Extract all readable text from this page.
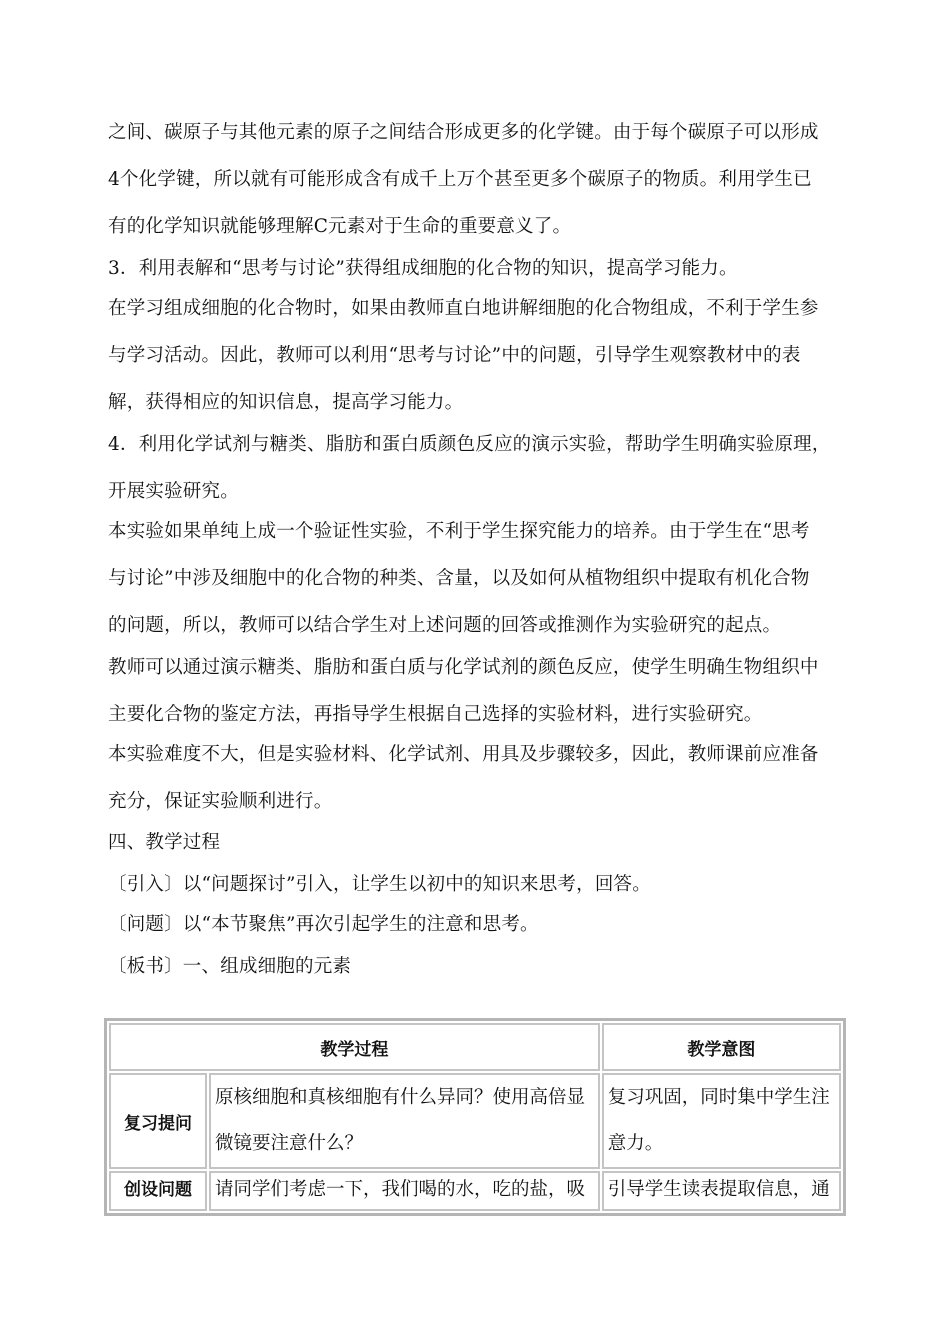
之间、碳原子与其他元素的原子之间结合形成更多的化学键。由于每个碳原子可以形成
4个化学键，所以就有可能形成含有成千上万个甚至更多个碳原子的物质。利用学生已
有的化学知识就能够理解C元素对于生命的重要意义了。
3．利用表解和“思考与讨论”获得组成细胞的化合物的知识，提高学习能力。
在学习组成细胞的化合物时，如果由教师直白地讲解细胞的化合物组成，不利于学生参
与学习活动。因此，教师可以利用“思考与讨论”中的问题，引导学生观察教材中的表
解，获得相应的知识信息，提高学习能力。
4．利用化学试剂与糖类、脂肪和蛋白质颜色反应的演示实验，帮助学生明确实验原理，
开展实验研究。
本实验如果单纯上成一个验证性实验，不利于学生探究能力的培养。由于学生在“思考
与讨论”中涉及细胞中的化合物的种类、含量，以及如何从植物组织中提取有机化合物
的问题，所以，教师可以结合学生对上述问题的回答或推测作为实验研究的起点。
教师可以通过演示糖类、脂肪和蛋白质与化学试剂的颜色反应，使学生明确生物组织中
主要化合物的鉴定方法，再指导学生根据自己选择的实验材料，进行实验研究。
本实验难度不大，但是实验材料、化学试剂、用具及步骤较多，因此，教师课前应准备
充分，保证实验顺利进行。
四、教学过程
〔引入〕以“问题探讨”引入，让学生以初中的知识来思考，回答。
〔问题〕以“本节聚焦”再次引起学生的注意和思考。
〔板书〕一、组成细胞的元素
教学过程		教学意图
复习提问	原核细胞和真核细胞有什么异同？使用高倍显微镜要注意什么？	复习巩固，同时集中学生注意力。
创设问题	请同学们考虑一下，我们喝的水，吃的盐，吸	引导学生读表提取信息，通
